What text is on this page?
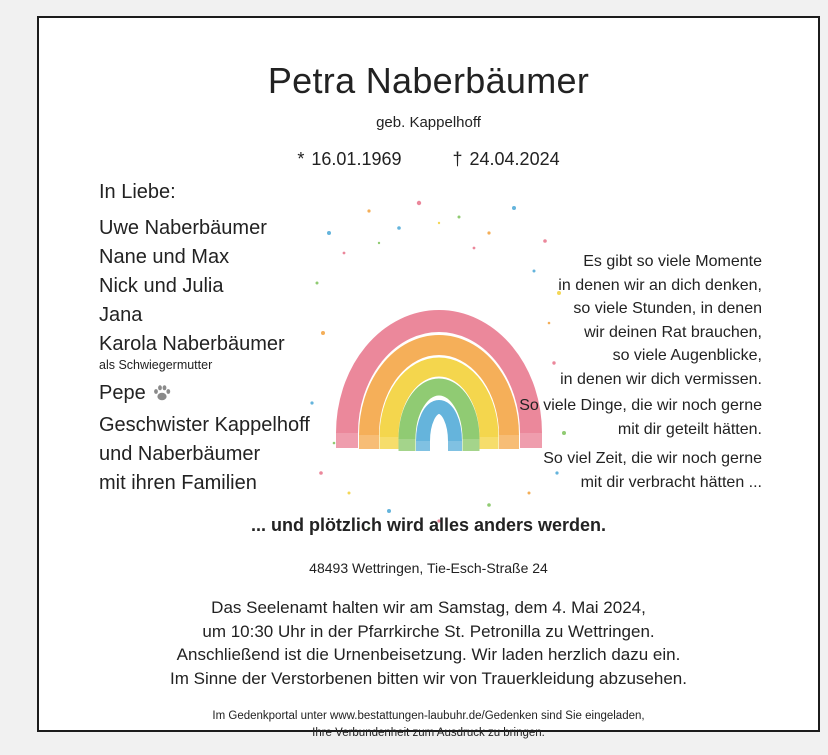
Petra Naberbäumer
geb. Kappelhoff
* 16.01.1969	† 24.04.2024
In Liebe:
Uwe Naberbäumer
Nane und Max
Nick und Julia
Jana
Karola Naberbäumer
als Schwiegermutter
Pepe
Geschwister Kappelhoff
und Naberbäumer
mit ihren Familien
Es gibt so viele Momente
in denen wir an dich denken,
so viele Stunden, in denen
wir deinen Rat brauchen,
so viele Augenblicke,
in denen wir dich vermissen.
So viele Dinge, die wir noch gerne
mit dir geteilt hätten.
So viel Zeit, die wir noch gerne
mit dir verbracht hätten ...
... und plötzlich wird alles anders werden.
48493 Wettringen, Tie-Esch-Straße 24
Das Seelenamt halten wir am Samstag, dem 4. Mai 2024,
um 10:30 Uhr in der Pfarrkirche St. Petronilla zu Wettringen.
Anschließend ist die Urnenbeisetzung. Wir laden herzlich dazu ein.
Im Sinne der Verstorbenen bitten wir von Trauerkleidung abzusehen.
Im Gedenkportal unter www.bestattungen-laubuhr.de/Gedenken sind Sie eingeladen,
Ihre Verbundenheit zum Ausdruck zu bringen.
